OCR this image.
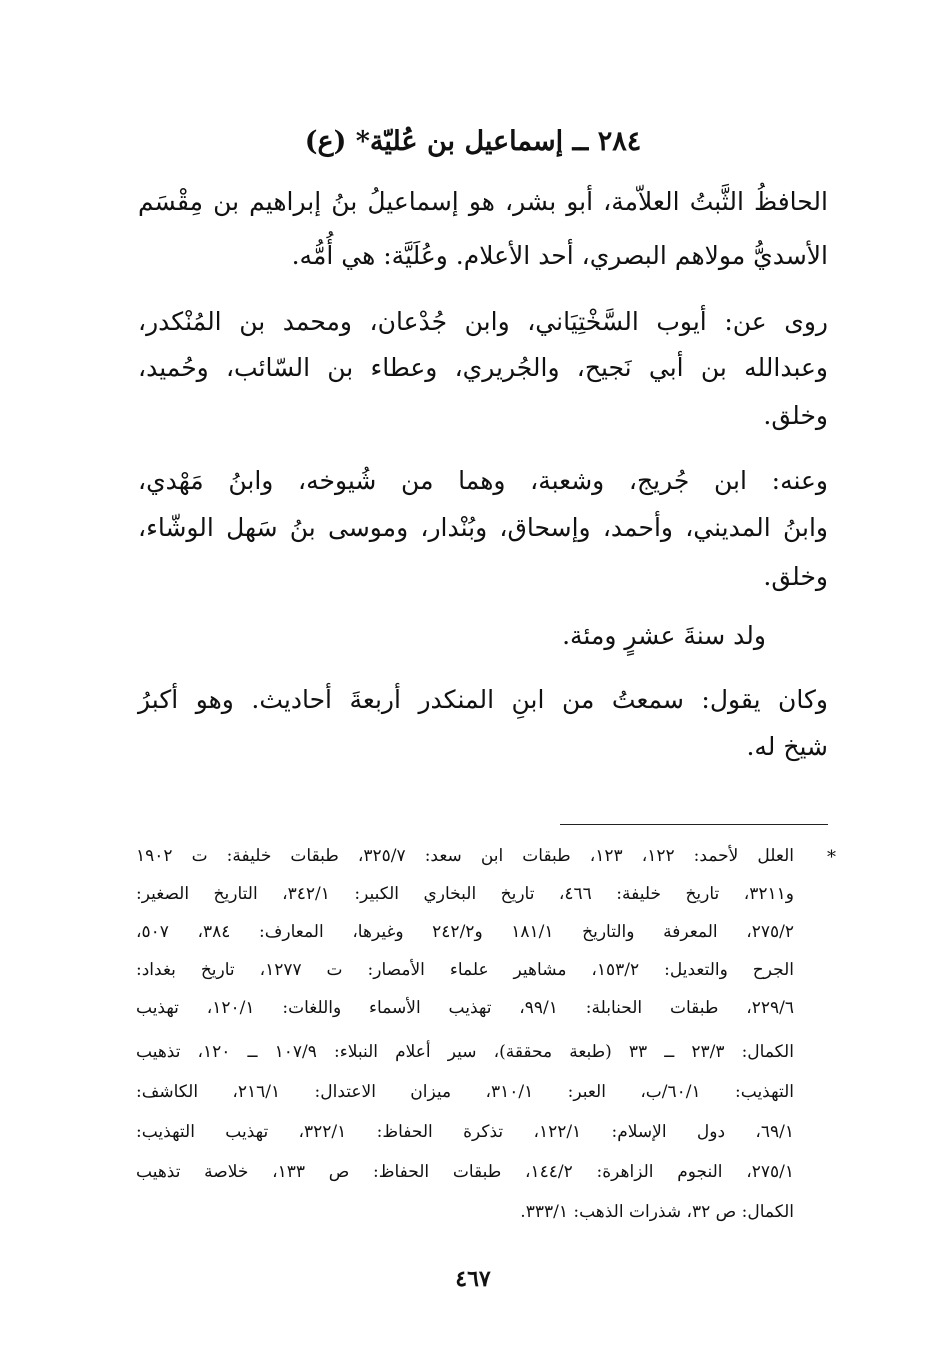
٢٨٤ ــ إسماعيل بن عُليّة* (ع)
الحافظُ الثَّبتُ العلاّمة، أبو بشر، هو إسماعيلُ بنُ إبراهيم بن مِقْسَم
الأسديُّ مولاهم البصري، أحد الأعلام. وعُلَيَّة: هي أُمُّه.
روى عن: أيوب السَّخْتِيَاني، وابن جُدْعان، ومحمد بن المُنْكدر،
وعبدالله بن أبي نَجيح، والجُريري، وعطاء بن السّائب، وحُميد،
وخلق.
وعنه: ابن جُريج، وشعبة، وهما من شُيوخه، وابنُ مَهْدي،
وابنُ المديني، وأحمد، وإسحاق، وبُنْدار، وموسى بنُ سَهل الوشّاء،
وخلق.
ولد سنةَ عشرٍ ومئة.
وكان يقول: سمعتُ من ابنِ المنكدر أربعةَ أحاديث. وهو أكبرُ
شيخ له.
*
العلل لأحمد: ١٢٢، ١٢٣، طبقات ابن سعد: ٣٢٥/٧، طبقات خليفة: ت ١٩٠٢
و٣٢١١، تاريخ خليفة: ٤٦٦، تاريخ البخاري الكبير: ٣٤٢/١، التاريخ الصغير:
٢٧٥/٢، المعرفة والتاريخ ١٨١/١ و٢٤٢/٢ وغيرها، المعارف: ٣٨٤، ٥٠٧،
الجرح والتعديل: ١٥٣/٢، مشاهير علماء الأمصار: ت ١٢٧٧، تاريخ بغداد:
٢٢٩/٦، طبقات الحنابلة: ٩٩/١، تهذيب الأسماء واللغات: ١٢٠/١، تهذيب
الكمال: ٢٣/٣ ــ ٣٣ (طبعة محققة)، سير أعلام النبلاء: ١٠٧/٩ ــ ١٢٠، تذهيب
التهذيب: ٦٠/١/ب، العبر: ٣١٠/١، ميزان الاعتدال: ٢١٦/١، الكاشف:
٦٩/١، دول الإسلام: ١٢٢/١، تذكرة الحفاظ: ٣٢٢/١، تهذيب التهذيب:
٢٧٥/١، النجوم الزاهرة: ١٤٤/٢، طبقات الحفاظ: ص ١٣٣، خلاصة تذهيب
الكمال: ص ٣٢، شذرات الذهب: ٣٣٣/١.
٤٦٧
